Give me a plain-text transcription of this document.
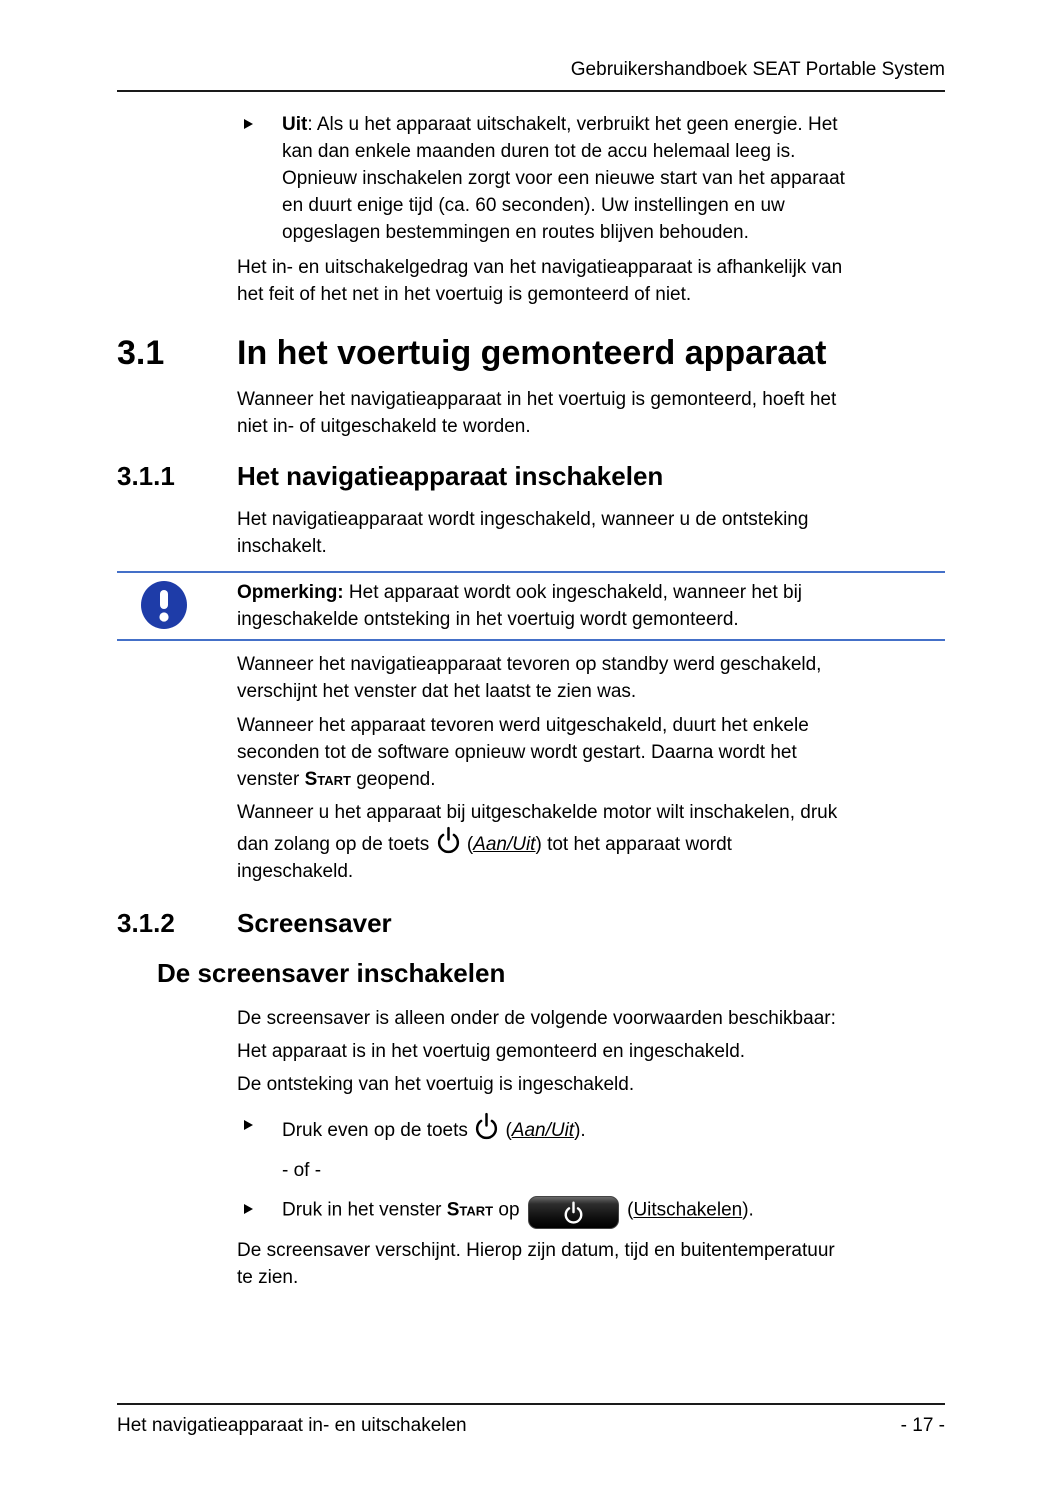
Gebruikershandboek SEAT Portable System
Uit: Als u het apparaat uitschakelt, verbruikt het geen energie. Het
kan dan enkele maanden duren tot de accu helemaal leeg is.
Opnieuw inschakelen zorgt voor een nieuwe start van het apparaat
en duurt enige tijd (ca. 60 seconden). Uw instellingen en uw
opgeslagen bestemmingen en routes blijven behouden.
Het in- en uitschakelgedrag van het navigatieapparaat is afhankelijk van
het feit of het net in het voertuig is gemonteerd of niet.
3.1	In het voertuig gemonteerd apparaat
Wanneer het navigatieapparaat in het voertuig is gemonteerd, hoeft het
niet in- of uitgeschakeld te worden.
3.1.1	Het navigatieapparaat inschakelen
Het navigatieapparaat wordt ingeschakeld, wanneer u de ontsteking
inschakelt.
Opmerking: Het apparaat wordt ook ingeschakeld, wanneer het bij
ingeschakelde ontsteking in het voertuig wordt gemonteerd.
Wanneer het navigatieapparaat tevoren op standby werd geschakeld,
verschijnt het venster dat het laatst te zien was.
Wanneer het apparaat tevoren werd uitgeschakeld, duurt het enkele
seconden tot de software opnieuw wordt gestart. Daarna wordt het
venster Start geopend.
Wanneer u het apparaat bij uitgeschakelde motor wilt inschakelen, druk
dan zolang op de toets  (Aan/Uit) tot het apparaat wordt
ingeschakeld.
3.1.2	Screensaver
De screensaver inschakelen
De screensaver is alleen onder de volgende voorwaarden beschikbaar:
Het apparaat is in het voertuig gemonteerd en ingeschakeld.
De ontsteking van het voertuig is ingeschakeld.
Druk even op de toets  (Aan/Uit).
- of -
Druk in het venster Start op	(Uitschakelen).
De screensaver verschijnt. Hierop zijn datum, tijd en buitentemperatuur
te zien.
Het navigatieapparaat in- en uitschakelen	- 17 -
